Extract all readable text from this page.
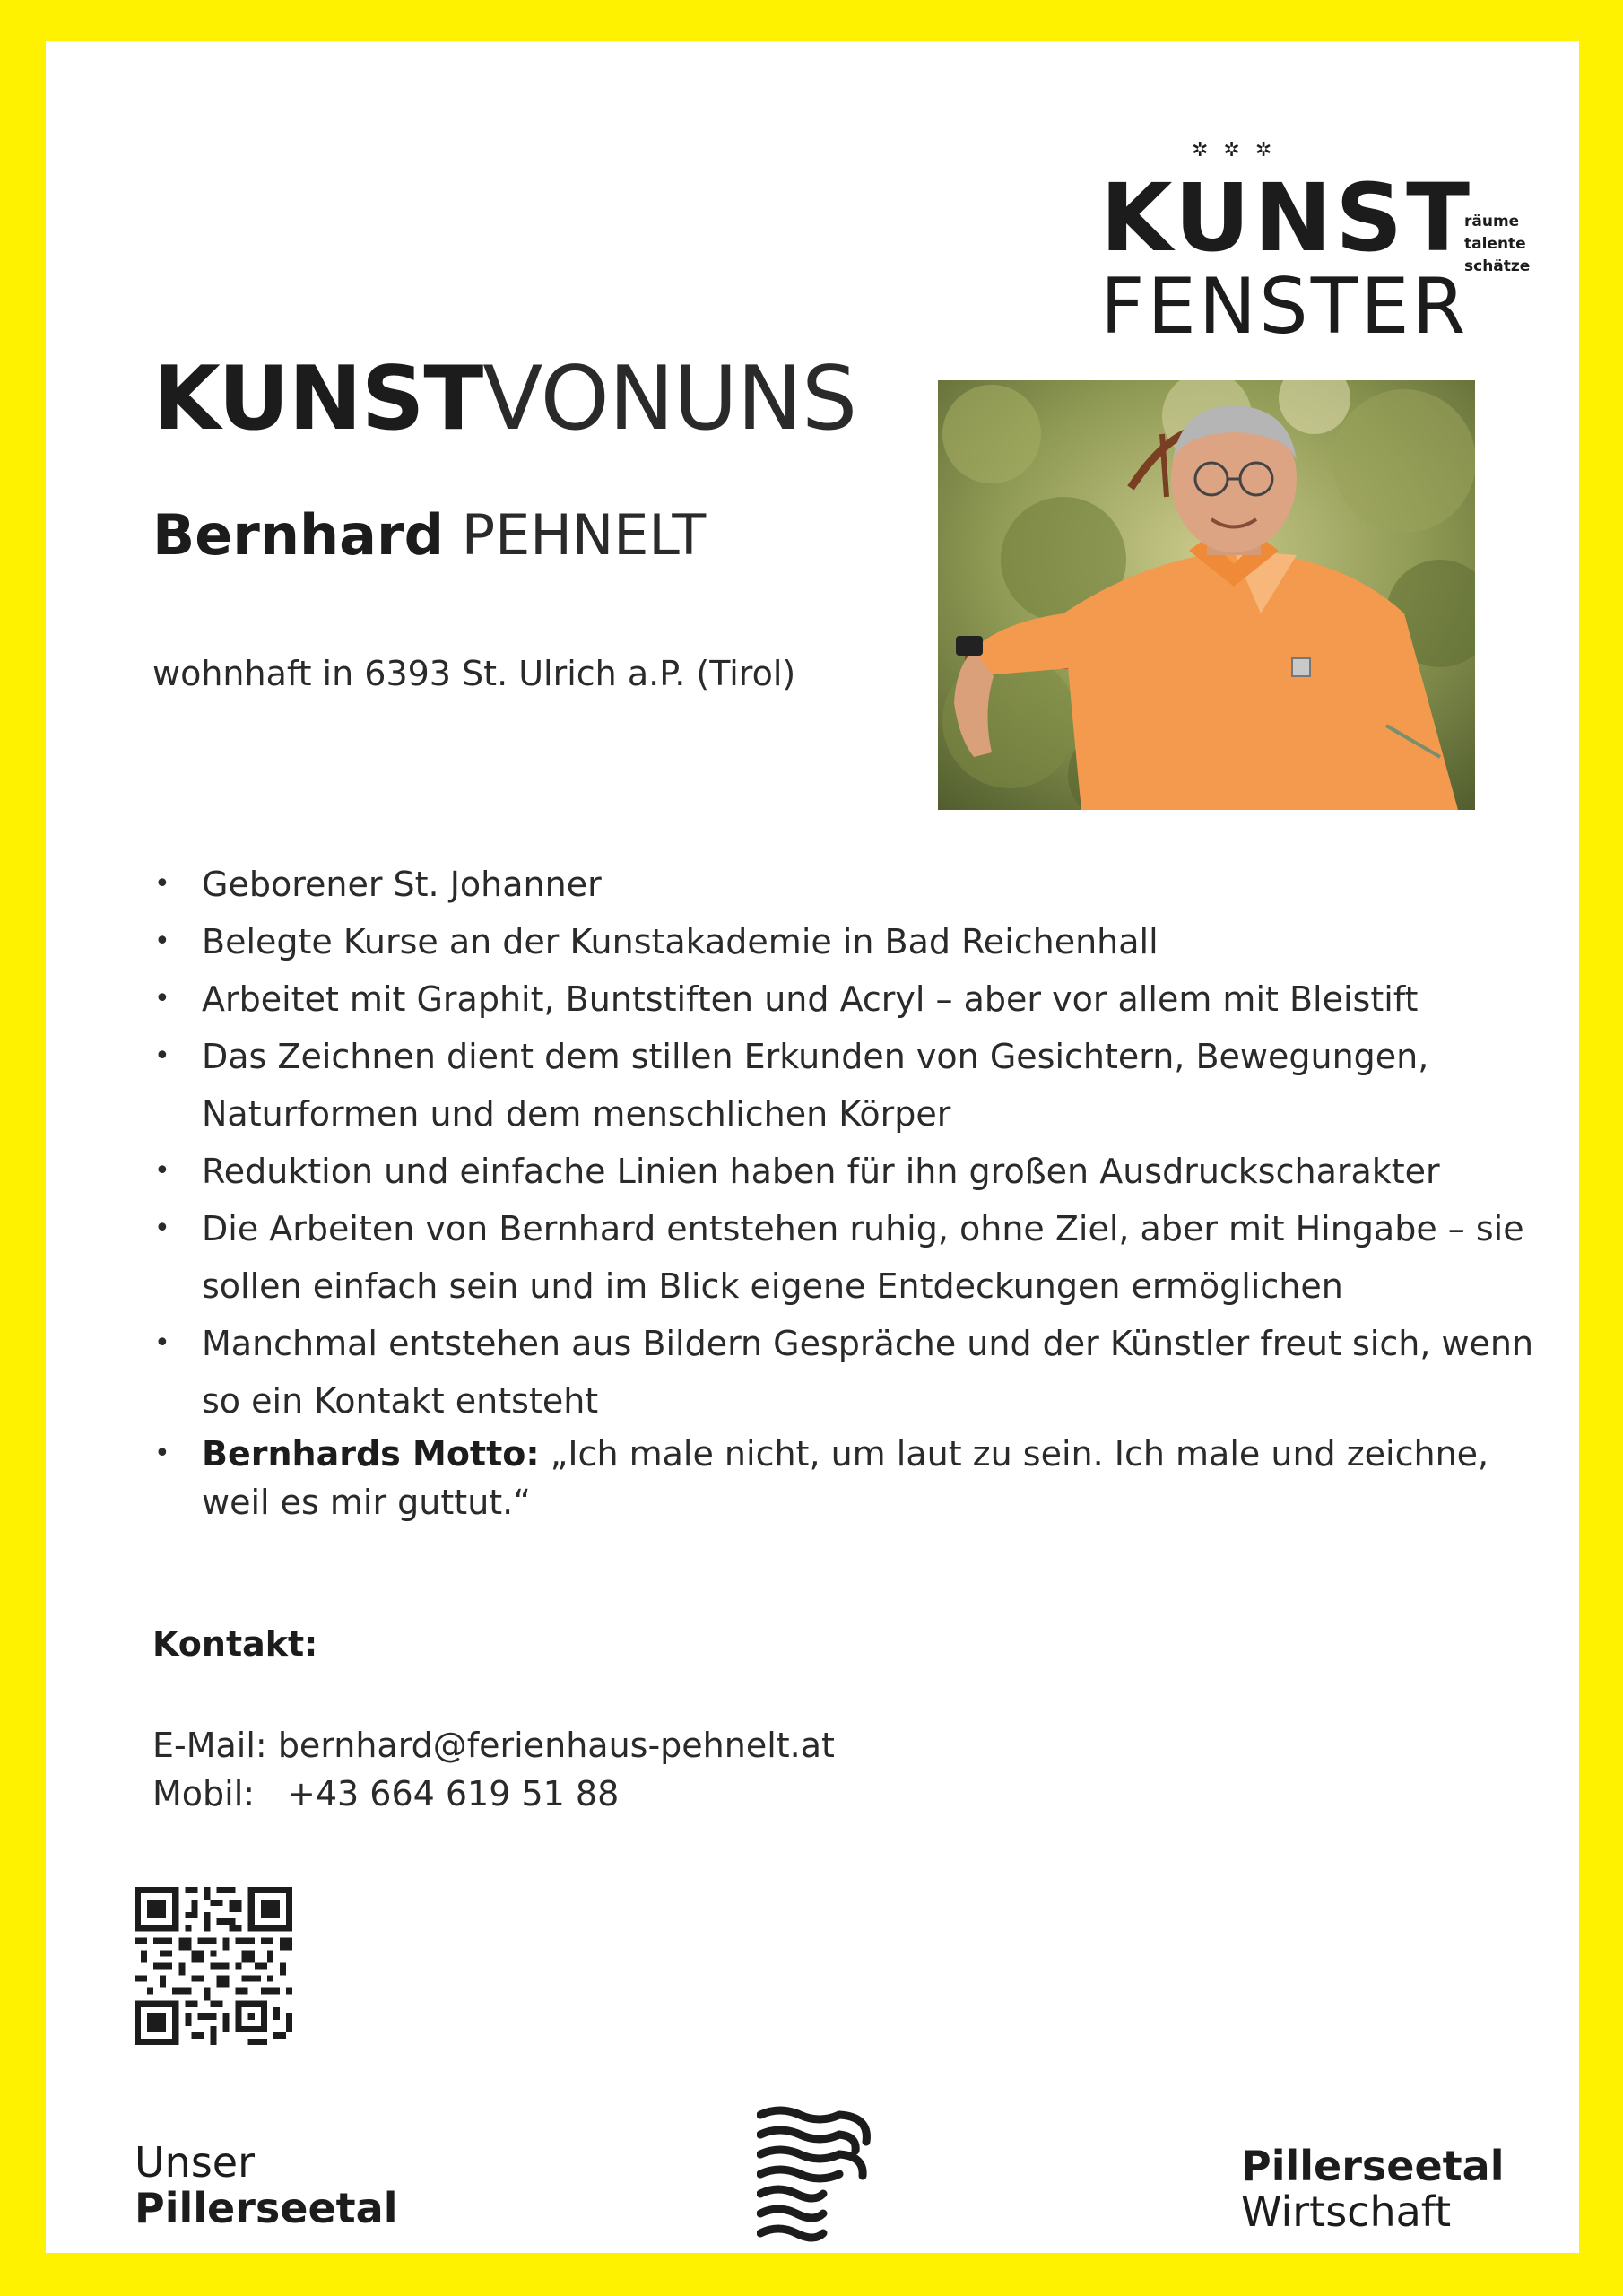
✲ ✲ ✲
KUNST
FENSTER
räume
talente
schätze
KUNSTVONUNS
Bernhard PEHNELT
wohnhaft in 6393 St. Ulrich a.P. (Tirol)
• Geborener St. Johanner
• Belegte Kurse an der Kunstakademie in Bad Reichenhall
• Arbeitet mit Graphit, Buntstiften und Acryl – aber vor allem mit Bleistift
• Das Zeichnen dient dem stillen Erkunden von Gesichtern, Bewegungen, Naturformen und dem menschlichen Körper
• Reduktion und einfache Linien haben für ihn großen Ausdruckscharakter
• Die Arbeiten von Bernhard entstehen ruhig, ohne Ziel, aber mit Hingabe – sie sollen einfach sein und im Blick eigene Entdeckungen ermöglichen
• Manchmal entstehen aus Bildern Gespräche und der Künstler freut sich, wenn so ein Kontakt entsteht
• Bernhards Motto: „Ich male nicht, um laut zu sein. Ich male und zeichne, weil es mir guttut.“
Kontakt:
E-Mail: bernhard@ferienhaus-pehnelt.at
Mobil: +43 664 619 51 88
Unser
Pillerseetal
Pillerseetal
Wirtschaft
